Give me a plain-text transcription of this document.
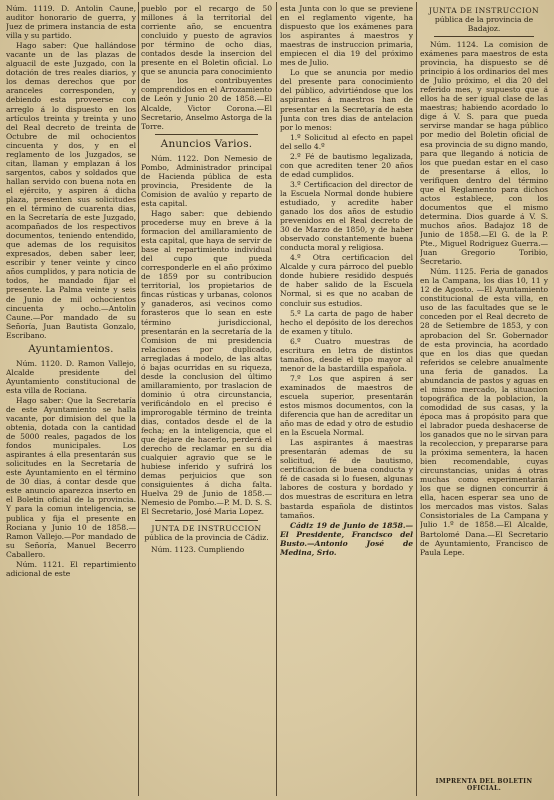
Núm. 1119. D. Antolin Caune, auditor honorario de guerra, y Juez de primera instancia de esta villa y su partido.

Hago saber: Que hallándose vacante un de las plazas de alguacil de este Juzgado, con la dotación de tres reales diarios, y los demas derechos que por aranceles corresponden, y debiendo esta proveerse con arreglo á lo dispuesto en los artículos treinta y treinta y uno del Real decreto de treinta de Octubre de mil ochocientos cincuenta y dos, y en el reglamento de los Juzgados, se citan, llaman y emplazan á los sargentos, cabos y soldados que hallan servido con buena nota en el ejército, y aspiren á dicha plaza, presenten sus solicitudes en el término de cuarenta dias, en la Secretaría de este Juzgado, acompañados de los respectivos documentos, teniendo entendido, que ademas de los requisitos expresados, deben saber leer, escribir y tener veinte y cinco años cumplidos, y para noticia de todos, he mandado fijar el presente. La Palma veinte y seis de Junio de mil ochocientos cincuenta y ocho.—Antolin Caune.—Por mandado de su Señoría, Juan Bautista Gonzalo, Escribano.

Ayuntamientos.

Núm. 1120. D. Ramon Vallejo, Alcalde presidente del Ayuntamiento constitucional de esta villa de Rociana.

Hago saber: Que la Secretaría de este Ayuntamiento se halla vacante, por dimision del que la obtenia, dotada con la cantidad de 5000 reales, pagados de los fondos municipales. Los aspirantes á ella presentarán sus solicitudes en la Secretaría de este Ayuntamiento en el término de 30 dias, á contar desde que este anuncio aparezca inserto en el Boletin oficial de la provincia. Y para la comun inteligencia, se publica y fija el presente en Rociana y Junio 10 de 1858.—Ramon Vallejo.—Por mandado de su Señoría, Manuel Becerro Caballero.

Núm. 1121. El repartimiento adicional de este

pueblo por el recargo de 50 millones á la territorial del corriente año, se encuentra concluido y puesto de agravios por término de ocho dias, contados desde la insercion del presente en el Boletin oficial. Lo que se anuncia para conocimiento de los contribuyentes comprendidos en el Arrozamiento de León y Junio 20 de 1858.—El Alcalde, Victor Corona.—El Secretario, Anselmo Astorga de la Torre.

Anuncios Varios.

Núm. 1122. Don Nemesio de Pombo, Administrador principal de Hacienda pública de esta provincia, Presidente de la Comision de avalúo y reparto de esta capital.

Hago saber: que debiendo procederse muy en breve á la formacion del amillaramiento de esta capital, que haya de servir de base al repartimiento individual del cupo que pueda corresponderle en el año próximo de 1859 por su contribucion territorial, los propietarios de fincas rústicas y urbanas, colonos y ganaderos, asi vecinos como forasteros que lo sean en este término jurisdiccional, presentarán en la secretaría de la Comision de mi presidencia relaciones por duplicado, arregladas á modelo, de las altas ó bajas ocurridas en su riqueza, desde la conclusion del último amillaramiento, por traslacion de dominio ú otra circunstancia, verificándolo en el preciso é improrogable término de treinta dias, contados desde el de la fecha; en la inteligencia, que el que dejare de hacerlo, perderá el derecho de reclamar en su dia cualquier agravio que se le hubiese inferido y sufrirá los demas perjuicios que son consiguientes á dicha falta. Huelva 29 de Junio de 1858.—Nemesio de Pombo.—P. M. D. S. S. El Secretario, José Maria Lopez.

JUNTA DE INSTRUCCION
pública de la provincia de Cádiz.

Núm. 1123. Cumpliendo

esta Junta con lo que se previene en el reglamento vigente, ha dispuesto que los exámenes para los aspirantes á maestros y maestras de instruccion primaria, empiecen el dia 19 del próximo mes de Julio.

Lo que se anuncia por medio del presente para conocimiento del público, advirtiéndose que los aspirantes á maestros han de presentar en la Secretaría de esta Junta con tres dias de antelacion por lo menos:

1.º Solicitud al efecto en papel del sello 4.º

2.º Fé de bautismo legalizada, con que acrediten tener 20 años de edad cumplidos.

3.º Certificacion del director de la Escuela Normal donde hubiere estudiado, y acredite haber ganado los dos años de estudio prevenidos en el Real decreto de 30 de Marzo de 1850, y de haber observado constantemente buena conducta moral y religiosa.

4.º Otra certificacion del Alcalde y cura párroco del pueblo donde hubiere residido después de haber salido de la Escuela Normal, si es que no acaban de concluir sus estudios.

5.º La carta de pago de haber hecho el depósito de los derechos de examen y título.

6.º Cuatro muestras de escritura en letra de distintos tamaños, desde el tipo mayor al menor de la bastardilla española.

7.º Los que aspiren á ser examinados de maestros de escuela superior, presentarán estos mismos documentos, con la diferencia que han de acreditar un año mas de edad y otro de estudio en la Escuela Normal.

Las aspirantes á maestras presentarán ademas de su solicitud, fé de bautismo, certificacion de buena conducta y fé de casada si lo fuesen, algunas labores de costura y bordado y dos muestras de escritura en letra bastarda española de distintos tamaños.

Cádiz 19 de Junio de 1858.—El Presidente, Francisco del Busto.—Antonio José de Medina, Srio.

JUNTA DE INSTRUCCION
pública de la provincia de Badajoz.

Núm. 1124. La comision de exámenes para maestros de esta provincia, ha dispuesto se dé principio á los ordinarios del mes de Julio próximo, el dia 20 del referido mes, y supuesto que á ellos ha de ser igual clase de las maestras; habiendo acordado lo dige á V. S. para que pueda servirse mandar se haga público por medio del Boletin oficial de esa provincia de su digno mando, para que llegando á noticia de los que puedan estar en el caso de presentarse á ellos, lo verifiquen dentro del término que el Reglamento para dichos actos establece, con los documentos que el mismo determina. Dios guarde á V. S. muchos años. Badajoz 18 de Junio de 1858.—El G. de la P. Pte., Miguel Rodriguez Guerra.—Juan Gregorio Toribio, Secretario.

Núm. 1125. Feria de ganados en la Campana, los dias 10, 11 y 12 de Agosto. —El Ayuntamiento constitucional de esta villa, en uso de las facultades que se le conceden por el Real decreto de 28 de Setiembre de 1853, y con aprobacion del Sr. Gobernador de esta provincia, ha acordado que en los dias que quedan referidos se celebre anualmente una feria de ganados. La abundancia de pastos y aguas en el mismo mercado, la situacion topográfica de la poblacion, la comodidad de sus casas, y la época mas á propósito para que el labrador pueda deshacerse de los ganados que no le sirvan para la recoleccion, y prepararse para la próxima sementera, la hacen bien recomendable, cuyas circunstancias, unidas á otras muchas como experimentarán los que se dignen concurrir á ella, hacen esperar sea uno de los mercados mas vistos. Salas Consistoriales de La Campana y Julio 1.º de 1858.—El Alcalde, Bartolomé Dana.—El Secretario de Ayuntamiento, Francisco de Paula Lepe.

IMPRENTA DEL BOLETIN OFICIAL.
